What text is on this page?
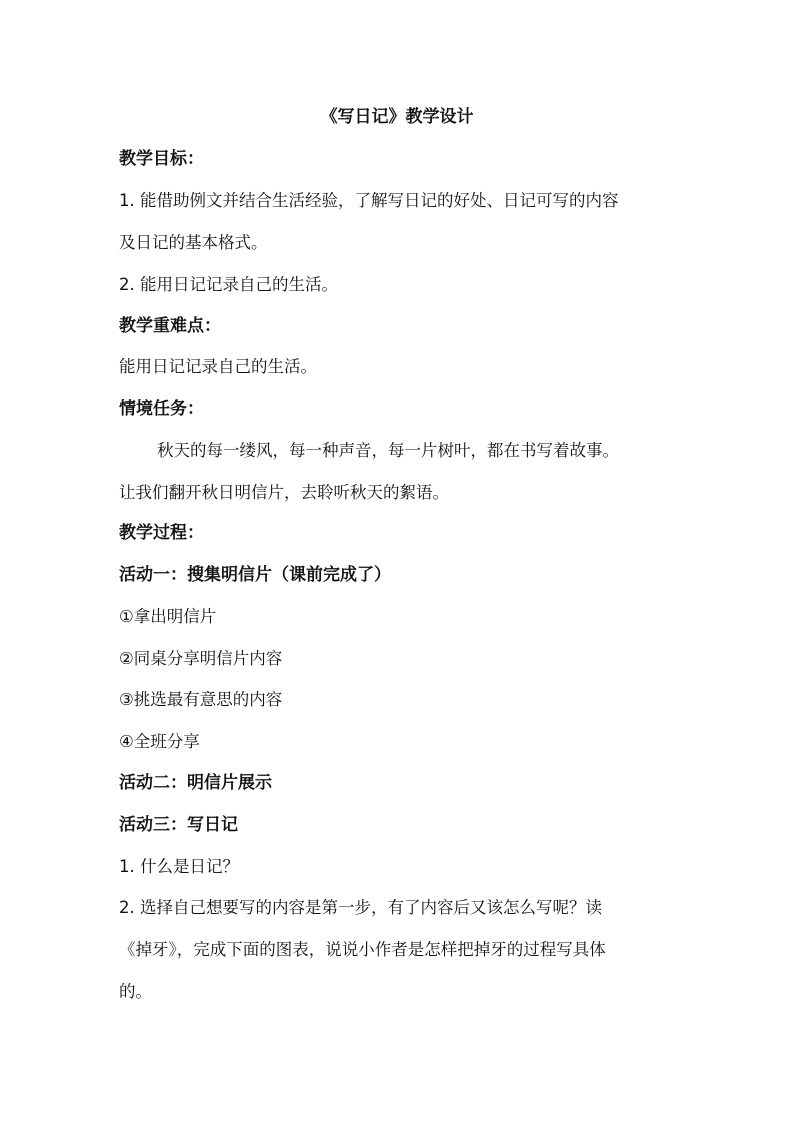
《写日记》教学设计
教学目标：
1. 能借助例文并结合生活经验，了解写日记的好处、日记可写的内容
及日记的基本格式。
2. 能用日记记录自己的生活。
教学重难点：
能用日记记录自己的生活。
情境任务：
秋天的每一缕风，每一种声音，每一片树叶，都在书写着故事。
让我们翻开秋日明信片，去聆听秋天的絮语。
教学过程：
活动一：搜集明信片（课前完成了）
①拿出明信片
②同桌分享明信片内容
③挑选最有意思的内容
④全班分享
活动二：明信片展示
活动三：写日记
1. 什么是日记？
2. 选择自己想要写的内容是第一步，有了内容后又该怎么写呢？读
《掉牙》，完成下面的图表，说说小作者是怎样把掉牙的过程写具体
的。
